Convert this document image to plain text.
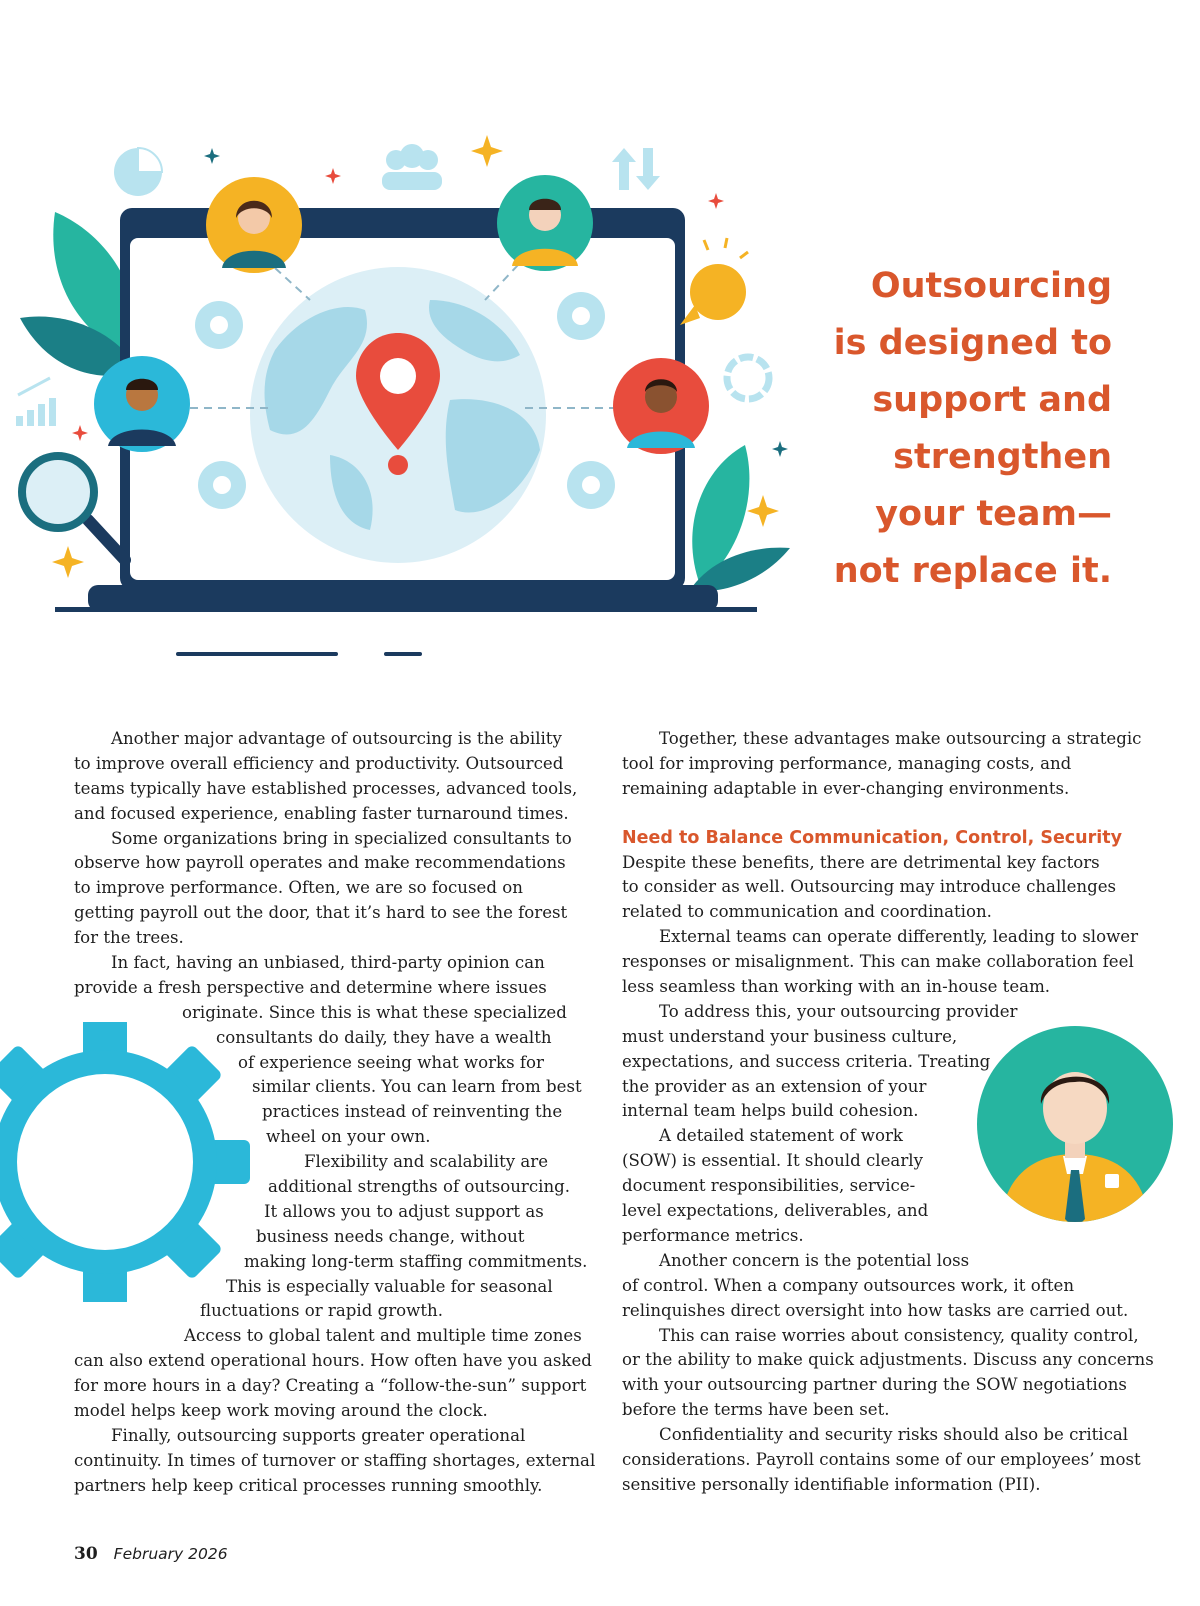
Outsourcing
is designed to
support and
strengthen
your team—
not replace it.
Another major advantage of outsourcing is the ability
to improve overall efficiency and productivity. Outsourced
teams typically have established processes, advanced tools,
and focused experience, enabling faster turnaround times.
Some organizations bring in specialized consultants to
observe how payroll operates and make recommendations
to improve performance. Often, we are so focused on
getting payroll out the door, that it’s hard to see the forest
for the trees.
In fact, having an unbiased, third-party opinion can
provide a fresh perspective and determine where issues
originate. Since this is what these specialized
consultants do daily, they have a wealth
of experience seeing what works for
similar clients. You can learn from best
practices instead of reinventing the
wheel on your own.
Flexibility and scalability are
additional strengths of outsourcing.
It allows you to adjust support as
business needs change, without
making long-term staffing commitments.
This is especially valuable for seasonal
fluctuations or rapid growth.
Access to global talent and multiple time zones
can also extend operational hours. How often have you asked
for more hours in a day? Creating a “follow-the-sun” support
model helps keep work moving around the clock.
Finally, outsourcing supports greater operational
continuity. In times of turnover or staffing shortages, external
partners help keep critical processes running smoothly.
Together, these advantages make outsourcing a strategic
tool for improving performance, managing costs, and
remaining adaptable in ever-changing environments.
Need to Balance Communication, Control, Security
Despite these benefits, there are detrimental key factors
to consider as well. Outsourcing may introduce challenges
related to communication and coordination.
External teams can operate differently, leading to slower
responses or misalignment. This can make collaboration feel
less seamless than working with an in-house team.
To address this, your outsourcing provider
must understand your business culture,
expectations, and success criteria. Treating
the provider as an extension of your
internal team helps build cohesion.
A detailed statement of work
(SOW) is essential. It should clearly
document responsibilities, service-
level expectations, deliverables, and
performance metrics.
Another concern is the potential loss
of control. When a company outsources work, it often
relinquishes direct oversight into how tasks are carried out.
This can raise worries about consistency, quality control,
or the ability to make quick adjustments. Discuss any concerns
with your outsourcing partner during the SOW negotiations
before the terms have been set.
Confidentiality and security risks should also be critical
considerations. Payroll contains some of our employees’ most
sensitive personally identifiable information (PII).
30 February 2026
